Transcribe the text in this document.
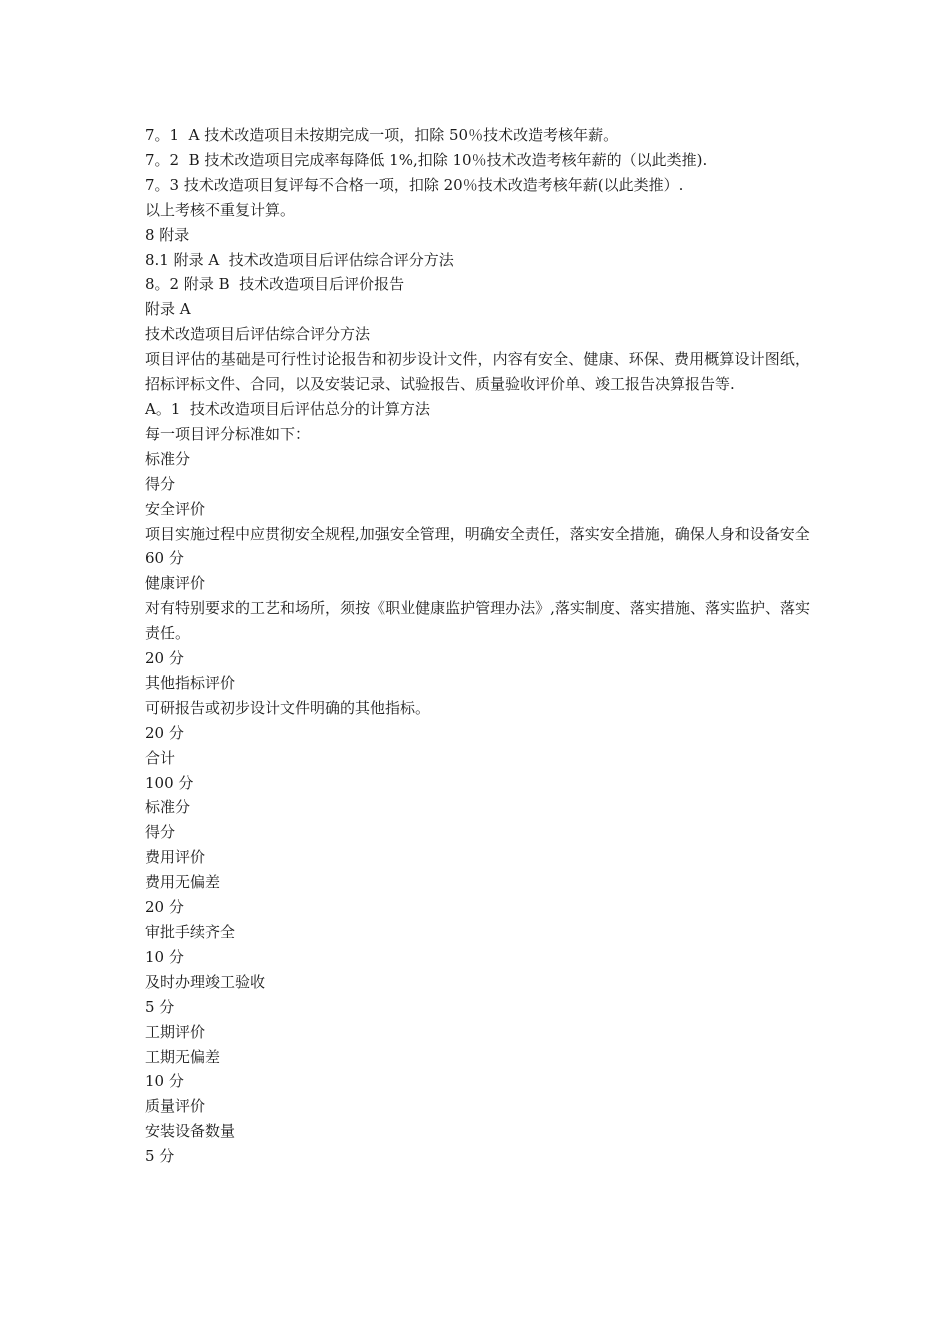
7。1  A 技术改造项目未按期完成一项，扣除 50％技术改造考核年薪。

7。2  B 技术改造项目完成率每降低 1%,扣除 10％技术改造考核年薪的（以此类推).

7。3 技术改造项目复评每不合格一项，扣除 20％技术改造考核年薪(以此类推）.

以上考核不重复计算。

8 附录

8.1 附录 A  技术改造项目后评估综合评分方法

8。2 附录 B  技术改造项目后评价报告

附录 A

技术改造项目后评估综合评分方法

项目评估的基础是可行性讨论报告和初步设计文件，内容有安全、健康、环保、费用概算设计图纸，招标评标文件、合同，以及安装记录、试验报告、质量验收评价单、竣工报告决算报告等.

A。1  技术改造项目后评估总分的计算方法

每一项目评分标准如下：

标准分

得分

安全评价

项目实施过程中应贯彻安全规程,加强安全管理，明确安全责任，落实安全措施，确保人身和设备安全

60 分

健康评价

对有特别要求的工艺和场所，须按《职业健康监护管理办法》,落实制度、落实措施、落实监护、落实责任。

20 分

其他指标评价

可研报告或初步设计文件明确的其他指标。

20 分

合计

100 分

标准分

得分

费用评价

费用无偏差

20 分

审批手续齐全

10 分

及时办理竣工验收

5 分

工期评价

工期无偏差

10 分

质量评价

安装设备数量

5 分
